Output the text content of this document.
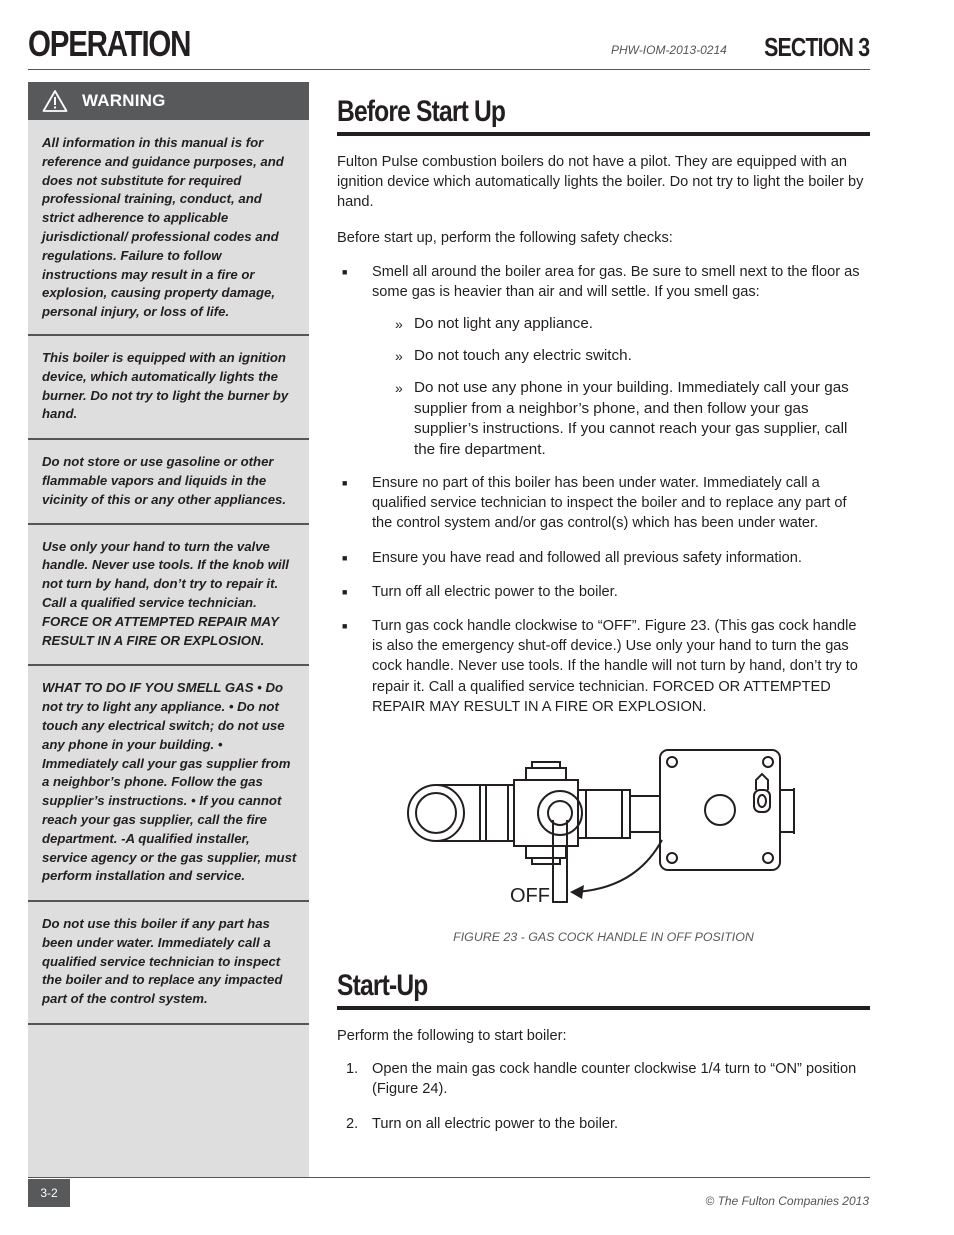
OPERATION	PHW-IOM-2013-0214 SECTION 3
WARNING
All information in this manual is for reference and guidance purposes, and does not substitute for required professional training, conduct, and strict adherence to applicable jurisdictional/ professional codes and regulations. Failure to follow instructions may result in a fire or explosion, causing property damage, personal injury, or loss of life.
This boiler is equipped with an ignition device, which automatically lights the burner. Do not try to light the burner by hand.
Do not store or use gasoline or other flammable vapors and liquids in the vicinity of this or any other appliances.
Use only your hand to turn the valve handle. Never use tools. If the knob will not turn by hand, don’t try to repair it. Call a qualified service technician. FORCE OR ATTEMPTED REPAIR MAY RESULT IN A FIRE OR EXPLOSION.
WHAT TO DO IF YOU SMELL GAS • Do not try to light any appliance. • Do not touch any electrical switch; do not use any phone in your building. • Immediately call your gas supplier from a neighbor’s phone. Follow the gas supplier’s instructions. • If you cannot reach your gas supplier, call the fire department. -A qualified installer, service agency or the gas supplier, must perform installation and service.
Do not use this boiler if any part has been under water. Immediately call a qualified service technician to inspect the boiler and to replace any impacted part of the control system.
Before Start Up
Fulton Pulse combustion boilers do not have a pilot. They are equipped with an ignition device which automatically lights the boiler. Do not try to light the boiler by hand.
Before start up, perform the following safety checks:
■ Smell all around the boiler area for gas. Be sure to smell next to the floor as some gas is heavier than air and will settle. If you smell gas:
» Do not light any appliance.
» Do not touch any electric switch.
» Do not use any phone in your building. Immediately call your gas supplier from a neighbor’s phone, and then follow your gas supplier’s instructions. If you cannot reach your gas supplier, call the fire department.
■ Ensure no part of this boiler has been under water. Immediately call a qualified service technician to inspect the boiler and to replace any part of the control system and/or gas control(s) which has been under water.
■ Ensure you have read and followed all previous safety information.
■ Turn off all electric power to the boiler.
■ Turn gas cock handle clockwise to “OFF”. Figure 23. (This gas cock handle is also the emergency shut-off device.) Use only your hand to turn the gas cock handle. Never use tools. If the handle will not turn by hand, don’t try to repair it. Call a qualified service technician. FORCED OR ATTEMPTED REPAIR MAY RESULT IN A FIRE OR EXPLOSION.
OFF
FIGURE 23 - GAS COCK HANDLE IN OFF POSITION
Start-Up
Perform the following to start boiler:
1. Open the main gas cock handle counter clockwise 1/4 turn to “ON” position (Figure 24).
2. Turn on all electric power to the boiler.
3-2
© The Fulton Companies 2013
